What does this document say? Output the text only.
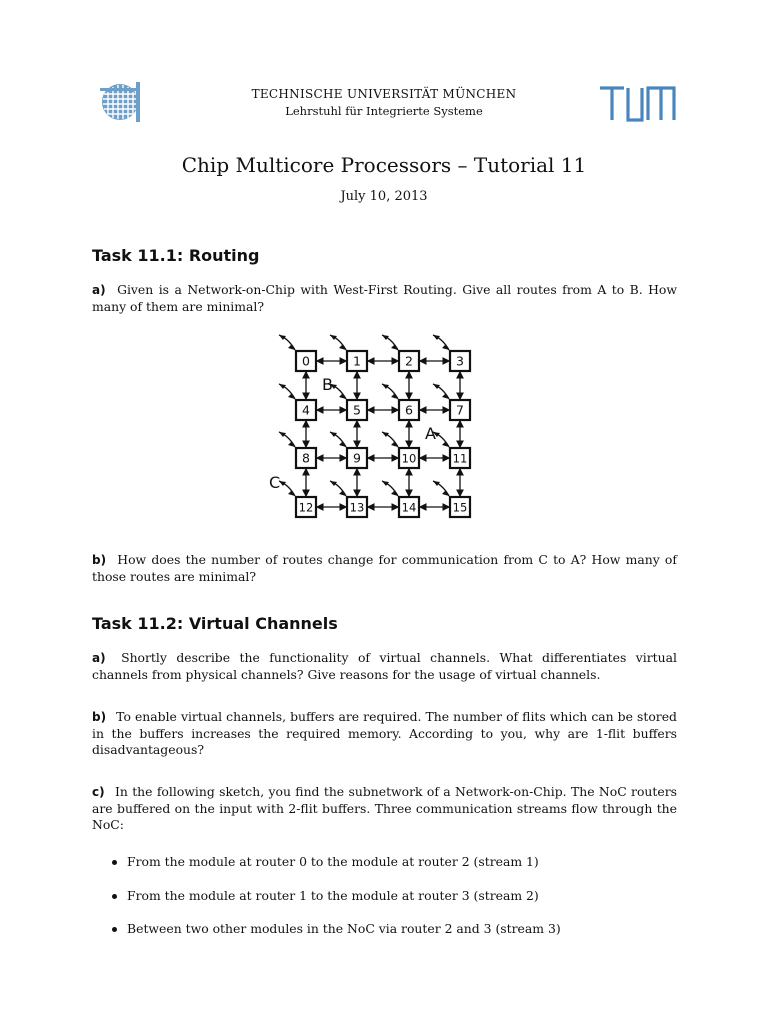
TECHNISCHE UNIVERSITÄT MÜNCHEN
Lehrstuhl für Integrierte Systeme
Chip Multicore Processors – Tutorial 11
July 10, 2013
Task 11.1: Routing

a) Given is a Network-on-Chip with West-First Routing. Give all routes from A to B. How many of them are minimal?

0	1	2	3
4	5	6	7
8	9	10	11
12	13	14	15
B
A
C

b) How does the number of routes change for communication from C to A? How many of those routes are minimal?

Task 11.2: Virtual Channels

a) Shortly describe the functionality of virtual channels. What differentiates virtual channels from physical channels? Give reasons for the usage of virtual channels.

b) To enable virtual channels, buffers are required. The number of flits which can be stored in the buffers increases the required memory. According to you, why are 1-flit buffers disadvantageous?

c) In the following sketch, you find the subnetwork of a Network-on-Chip. The NoC routers are buffered on the input with 2-flit buffers. Three communication streams flow through the NoC:

From the module at router 0 to the module at router 2 (stream 1)
From the module at router 1 to the module at router 3 (stream 2)
Between two other modules in the NoC via router 2 and 3 (stream 3)
